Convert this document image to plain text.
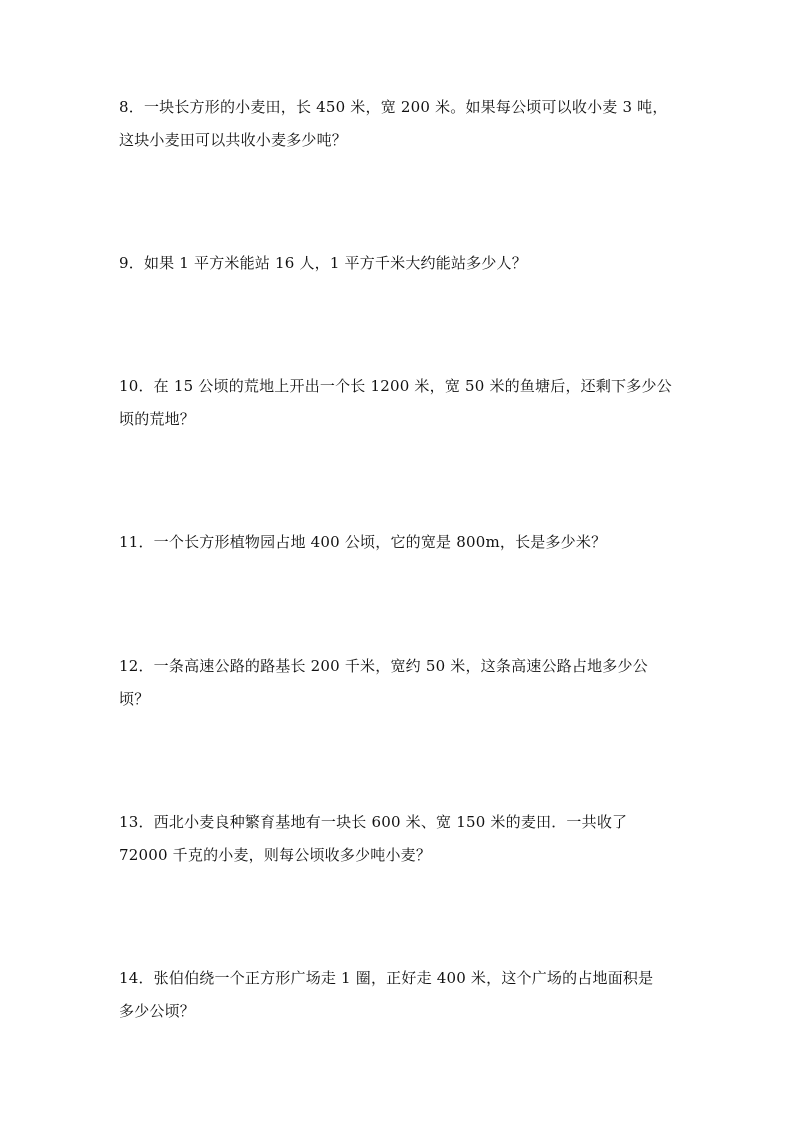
8．一块长方形的小麦田，长 450 米，宽 200 米。如果每公顷可以收小麦 3 吨，
这块小麦田可以共收小麦多少吨？
9．如果 1 平方米能站 16 人，1 平方千米大约能站多少人？
10．在 15 公顷的荒地上开出一个长 1200 米，宽 50 米的鱼塘后，还剩下多少公
顷的荒地？
11．一个长方形植物园占地 400 公顷，它的宽是 800m，长是多少米？
12．一条高速公路的路基长 200 千米，宽约 50 米，这条高速公路占地多少公
顷？
13．西北小麦良种繁育基地有一块长 600 米、宽 150 米的麦田．一共收了
72000 千克的小麦，则每公顷收多少吨小麦？
14．张伯伯绕一个正方形广场走 1 圈，正好走 400 米，这个广场的占地面积是
多少公顷？
